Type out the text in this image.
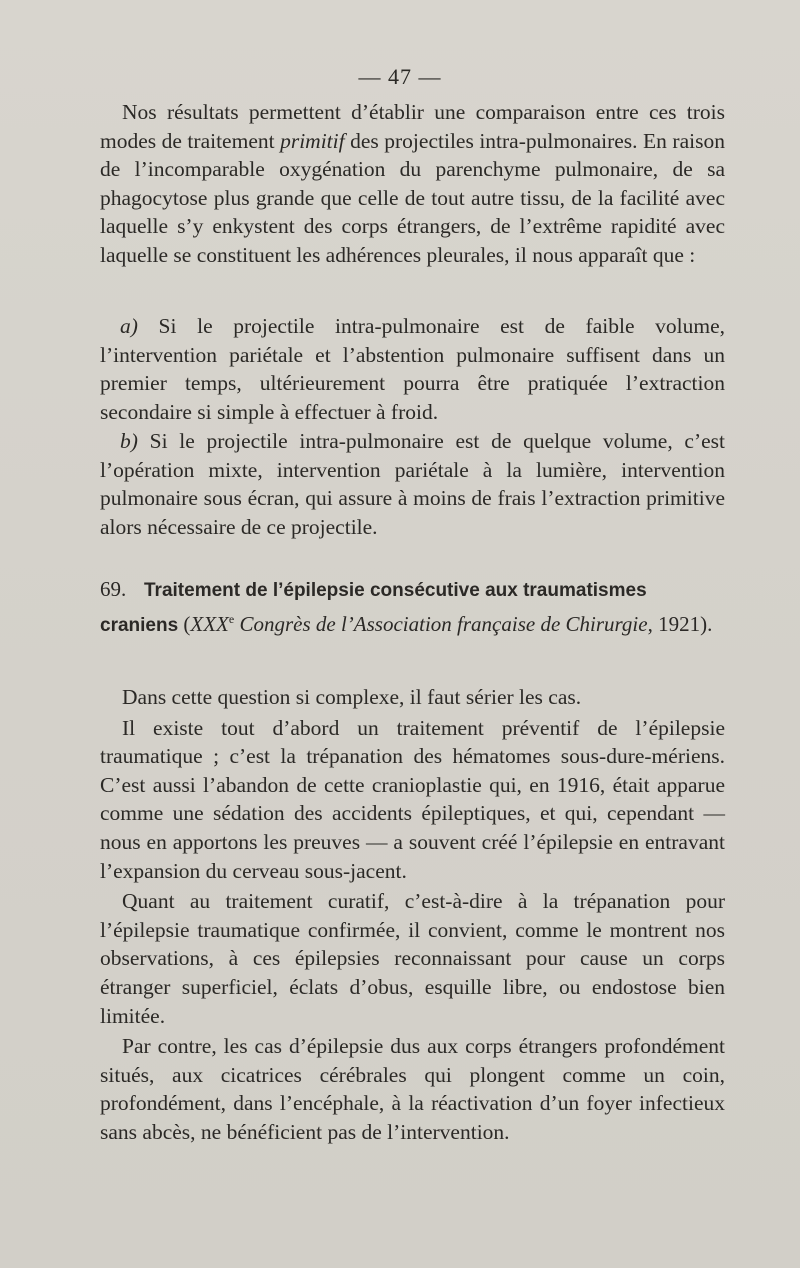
— 47 —

Nos résultats permettent d’établir une comparaison entre ces trois modes de traitement primitif des projectiles intra-pulmonaires. En raison de l’incomparable oxygénation du parenchyme pulmonaire, de sa phagocytose plus grande que celle de tout autre tissu, de la facilité avec laquelle s’y enkystent des corps étrangers, de l’extrême rapidité avec laquelle se constituent les adhérences pleurales, il nous apparaît que :

a) Si le projectile intra-pulmonaire est de faible volume, l’intervention pariétale et l’abstention pulmonaire suffisent dans un premier temps, ultérieurement pourra être pratiquée l’extraction secondaire si simple à effectuer à froid.

b) Si le projectile intra-pulmonaire est de quelque volume, c’est l’opération mixte, intervention pariétale à la lumière, intervention pulmonaire sous écran, qui assure à moins de frais l’extraction primitive alors nécessaire de ce projectile.

69. Traitement de l’épilepsie consécutive aux traumatismes craniens (XXXe Congrès de l’Association française de Chirurgie, 1921).

Dans cette question si complexe, il faut sérier les cas.

Il existe tout d’abord un traitement préventif de l’épilepsie traumatique ; c’est la trépanation des hématomes sous-dure-mériens. C’est aussi l’abandon de cette cranioplastie qui, en 1916, était apparue comme une sédation des accidents épileptiques, et qui, cependant — nous en apportons les preuves — a souvent créé l’épilepsie en entravant l’expansion du cerveau sous-jacent.

Quant au traitement curatif, c’est-à-dire à la trépanation pour l’épilepsie traumatique confirmée, il convient, comme le montrent nos observations, à ces épilepsies reconnaissant pour cause un corps étranger superficiel, éclats d’obus, esquille libre, ou endostose bien limitée.

Par contre, les cas d’épilepsie dus aux corps étrangers profondément situés, aux cicatrices cérébrales qui plongent comme un coin, profondément, dans l’encéphale, à la réactivation d’un foyer infectieux sans abcès, ne bénéficient pas de l’intervention.
